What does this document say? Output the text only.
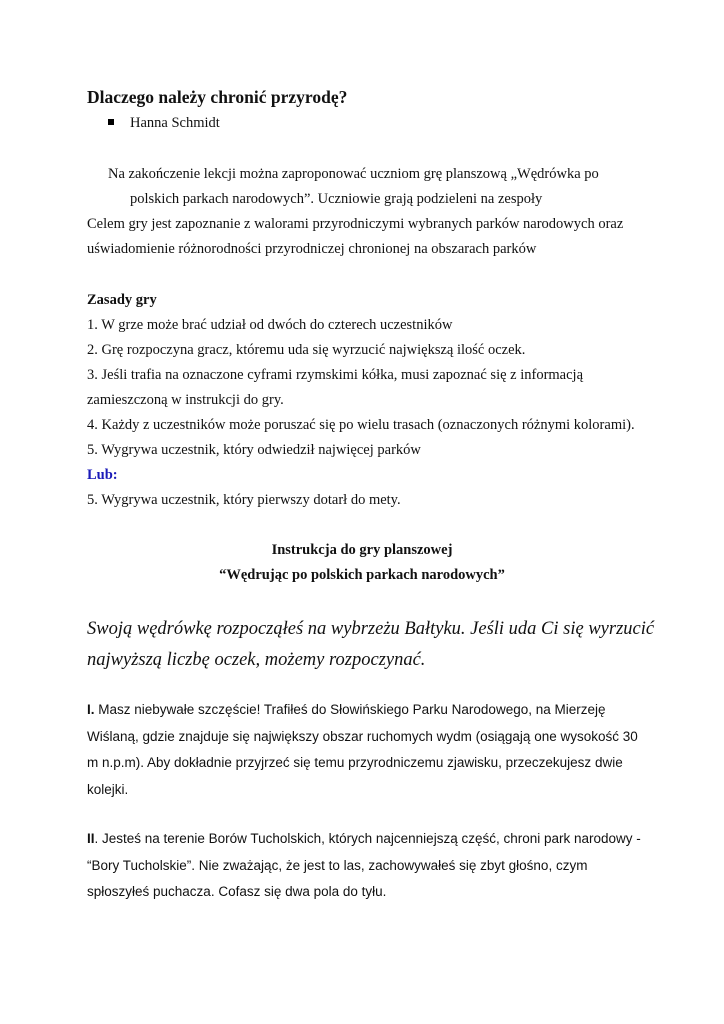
Dlaczego należy chronić przyrodę?
Hanna Schmidt
Na zakończenie lekcji można zaproponować uczniom grę planszową „Wędrówka po
polskich parkach narodowych”. Uczniowie grają podzieleni na zespoły
Celem gry jest zapoznanie z walorami przyrodniczymi wybranych parków narodowych oraz
uświadomienie różnorodności przyrodniczej chronionej na obszarach parków
Zasady gry
1. W grze może brać udział od dwóch do czterech uczestników
2. Grę rozpoczyna gracz, któremu uda się wyrzucić największą ilość oczek.
3. Jeśli trafia na oznaczone cyframi rzymskimi kółka, musi zapoznać się z informacją
zamieszczoną w instrukcji do gry.
4. Każdy z uczestników może poruszać się po wielu trasach (oznaczonych różnymi kolorami).
5. Wygrywa uczestnik, który odwiedził najwięcej parków
Lub:
5. Wygrywa uczestnik, który pierwszy dotarł do mety.
Instrukcja do gry planszowej
“Wędrując po polskich parkach narodowych”
Swoją wędrówkę rozpocząłeś na wybrzeżu Bałtyku. Jeśli uda Ci się wyrzucić
najwyższą liczbę oczek, możemy rozpoczynać.
I. Masz niebywałe szczęście! Trafiłeś do Słowińskiego Parku Narodowego, na Mierzeję Wiślaną, gdzie znajduje się największy obszar ruchomych wydm (osiągają one wysokość 30 m n.p.m). Aby dokładnie przyjrzeć się temu przyrodniczemu zjawisku, przeczekujesz dwie kolejki.
II. Jesteś na terenie Borów Tucholskich, których najcenniejszą część, chroni park narodowy - “Bory Tucholskie”. Nie zważając, że jest to las, zachowywałeś się zbyt głośno, czym spłoszyłeś puchacza. Cofasz się dwa pola do tyłu.
